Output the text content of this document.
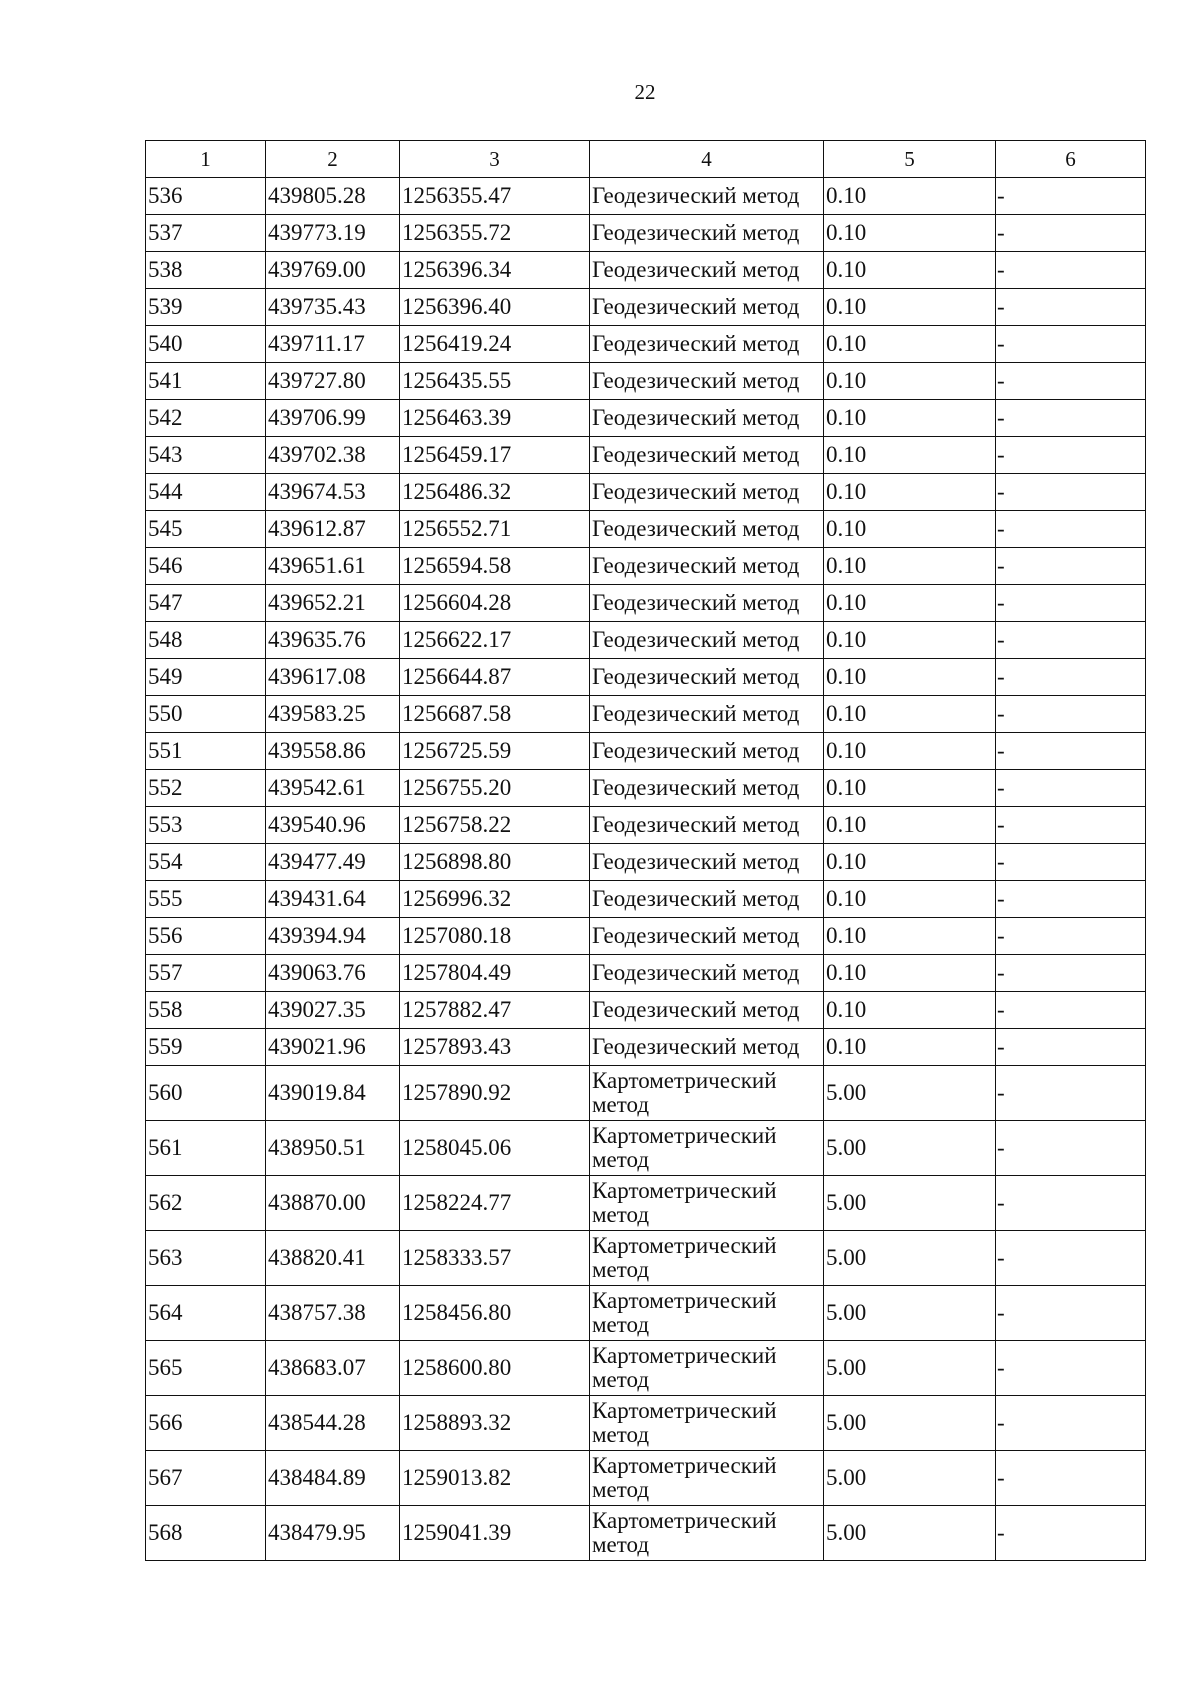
22
1	2	3	4	5	6
536	439805.28	1256355.47	Геодезический метод	0.10	-
537	439773.19	1256355.72	Геодезический метод	0.10	-
538	439769.00	1256396.34	Геодезический метод	0.10	-
539	439735.43	1256396.40	Геодезический метод	0.10	-
540	439711.17	1256419.24	Геодезический метод	0.10	-
541	439727.80	1256435.55	Геодезический метод	0.10	-
542	439706.99	1256463.39	Геодезический метод	0.10	-
543	439702.38	1256459.17	Геодезический метод	0.10	-
544	439674.53	1256486.32	Геодезический метод	0.10	-
545	439612.87	1256552.71	Геодезический метод	0.10	-
546	439651.61	1256594.58	Геодезический метод	0.10	-
547	439652.21	1256604.28	Геодезический метод	0.10	-
548	439635.76	1256622.17	Геодезический метод	0.10	-
549	439617.08	1256644.87	Геодезический метод	0.10	-
550	439583.25	1256687.58	Геодезический метод	0.10	-
551	439558.86	1256725.59	Геодезический метод	0.10	-
552	439542.61	1256755.20	Геодезический метод	0.10	-
553	439540.96	1256758.22	Геодезический метод	0.10	-
554	439477.49	1256898.80	Геодезический метод	0.10	-
555	439431.64	1256996.32	Геодезический метод	0.10	-
556	439394.94	1257080.18	Геодезический метод	0.10	-
557	439063.76	1257804.49	Геодезический метод	0.10	-
558	439027.35	1257882.47	Геодезический метод	0.10	-
559	439021.96	1257893.43	Геодезический метод	0.10	-
560	439019.84	1257890.92	Картометрический метод	5.00	-
561	438950.51	1258045.06	Картометрический метод	5.00	-
562	438870.00	1258224.77	Картометрический метод	5.00	-
563	438820.41	1258333.57	Картометрический метод	5.00	-
564	438757.38	1258456.80	Картометрический метод	5.00	-
565	438683.07	1258600.80	Картометрический метод	5.00	-
566	438544.28	1258893.32	Картометрический метод	5.00	-
567	438484.89	1259013.82	Картометрический метод	5.00	-
568	438479.95	1259041.39	Картометрический метод	5.00	-
